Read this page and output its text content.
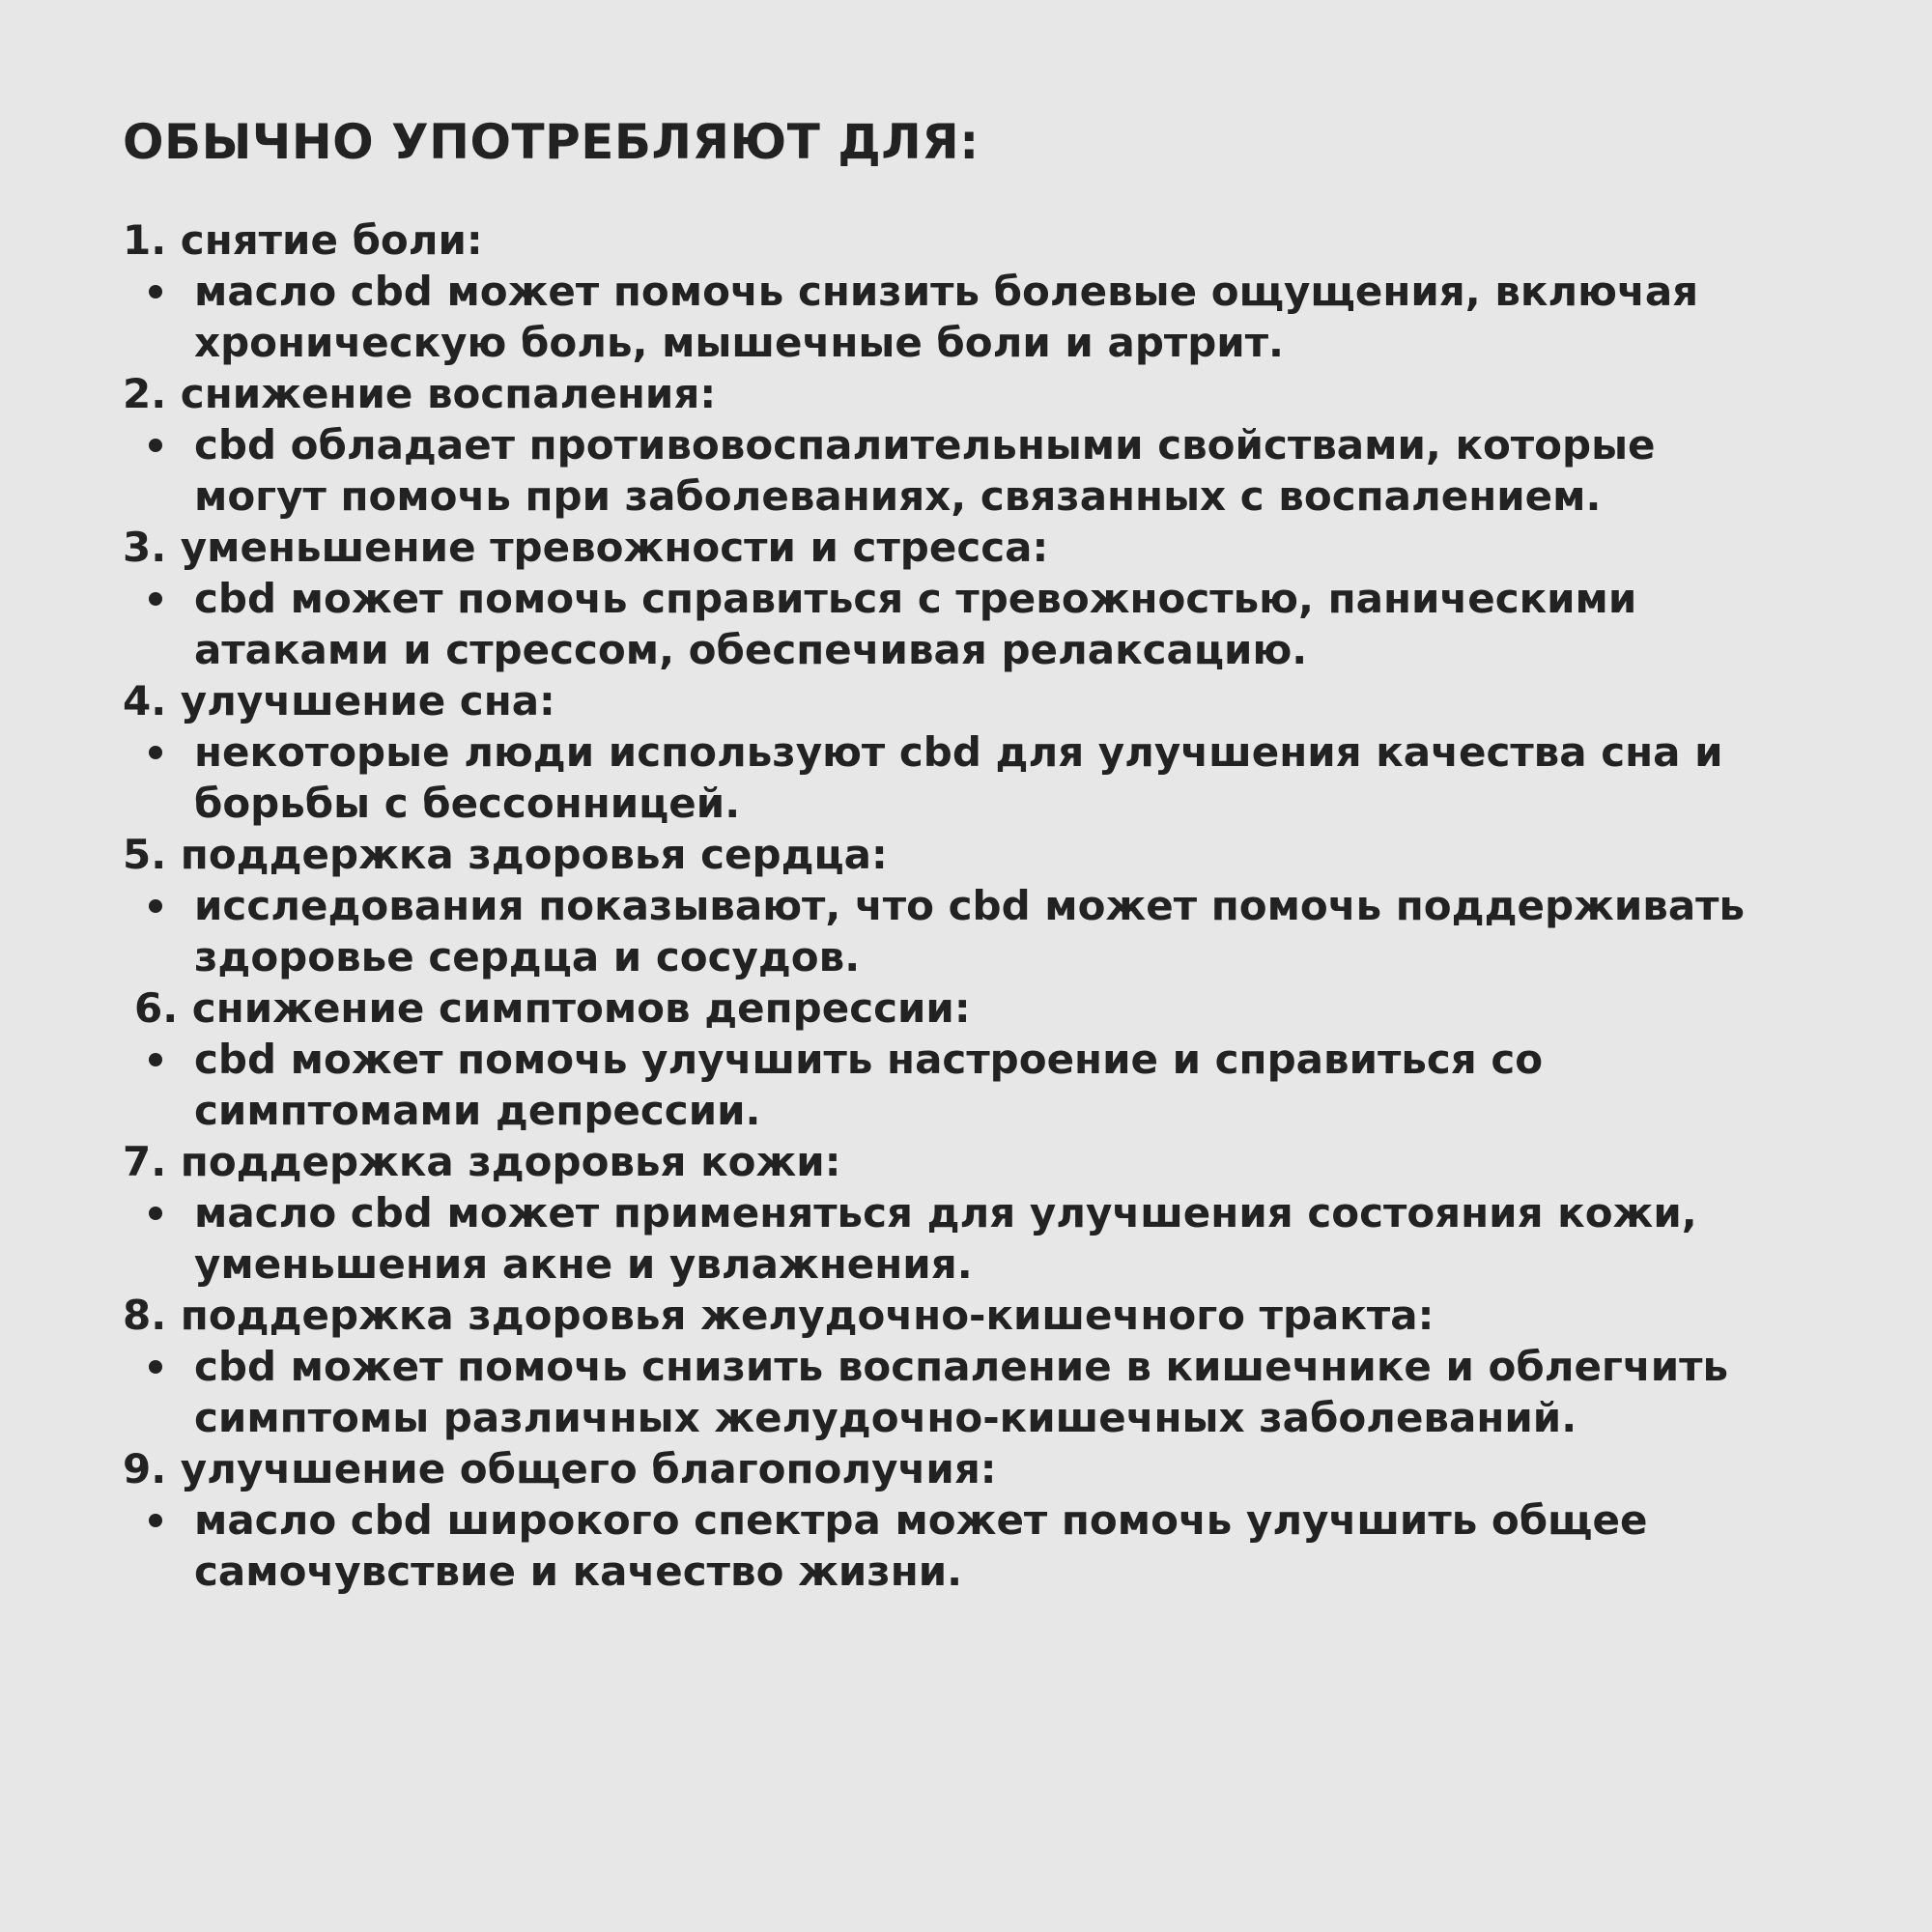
ОБЫЧНО УПОТРЕБЛЯЮТ ДЛЯ:
1. снятие боли:
масло cbd может помочь снизить болевые ощущения, включая
хроническую боль, мышечные боли и артрит.
2. снижение воспаления:
cbd обладает противовоспалительными свойствами, которые
могут помочь при заболеваниях, связанных с воспалением.
3. уменьшение тревожности и стресса:
cbd может помочь справиться с тревожностью, паническими
атаками и стрессом, обеспечивая релаксацию.
4. улучшение сна:
некоторые люди используют cbd для улучшения качества сна и
борьбы с бессонницей.
5. поддержка здоровья сердца:
исследования показывают, что cbd может помочь поддерживать
здоровье сердца и сосудов.
6. снижение симптомов депрессии:
cbd может помочь улучшить настроение и справиться со
симптомами депрессии.
7. поддержка здоровья кожи:
масло cbd может применяться для улучшения состояния кожи,
уменьшения акне и увлажнения.
8. поддержка здоровья желудочно-кишечного тракта:
cbd может помочь снизить воспаление в кишечнике и облегчить
симптомы различных желудочно-кишечных заболеваний.
9. улучшение общего благополучия:
масло cbd широкого спектра может помочь улучшить общее
самочувствие и качество жизни.
